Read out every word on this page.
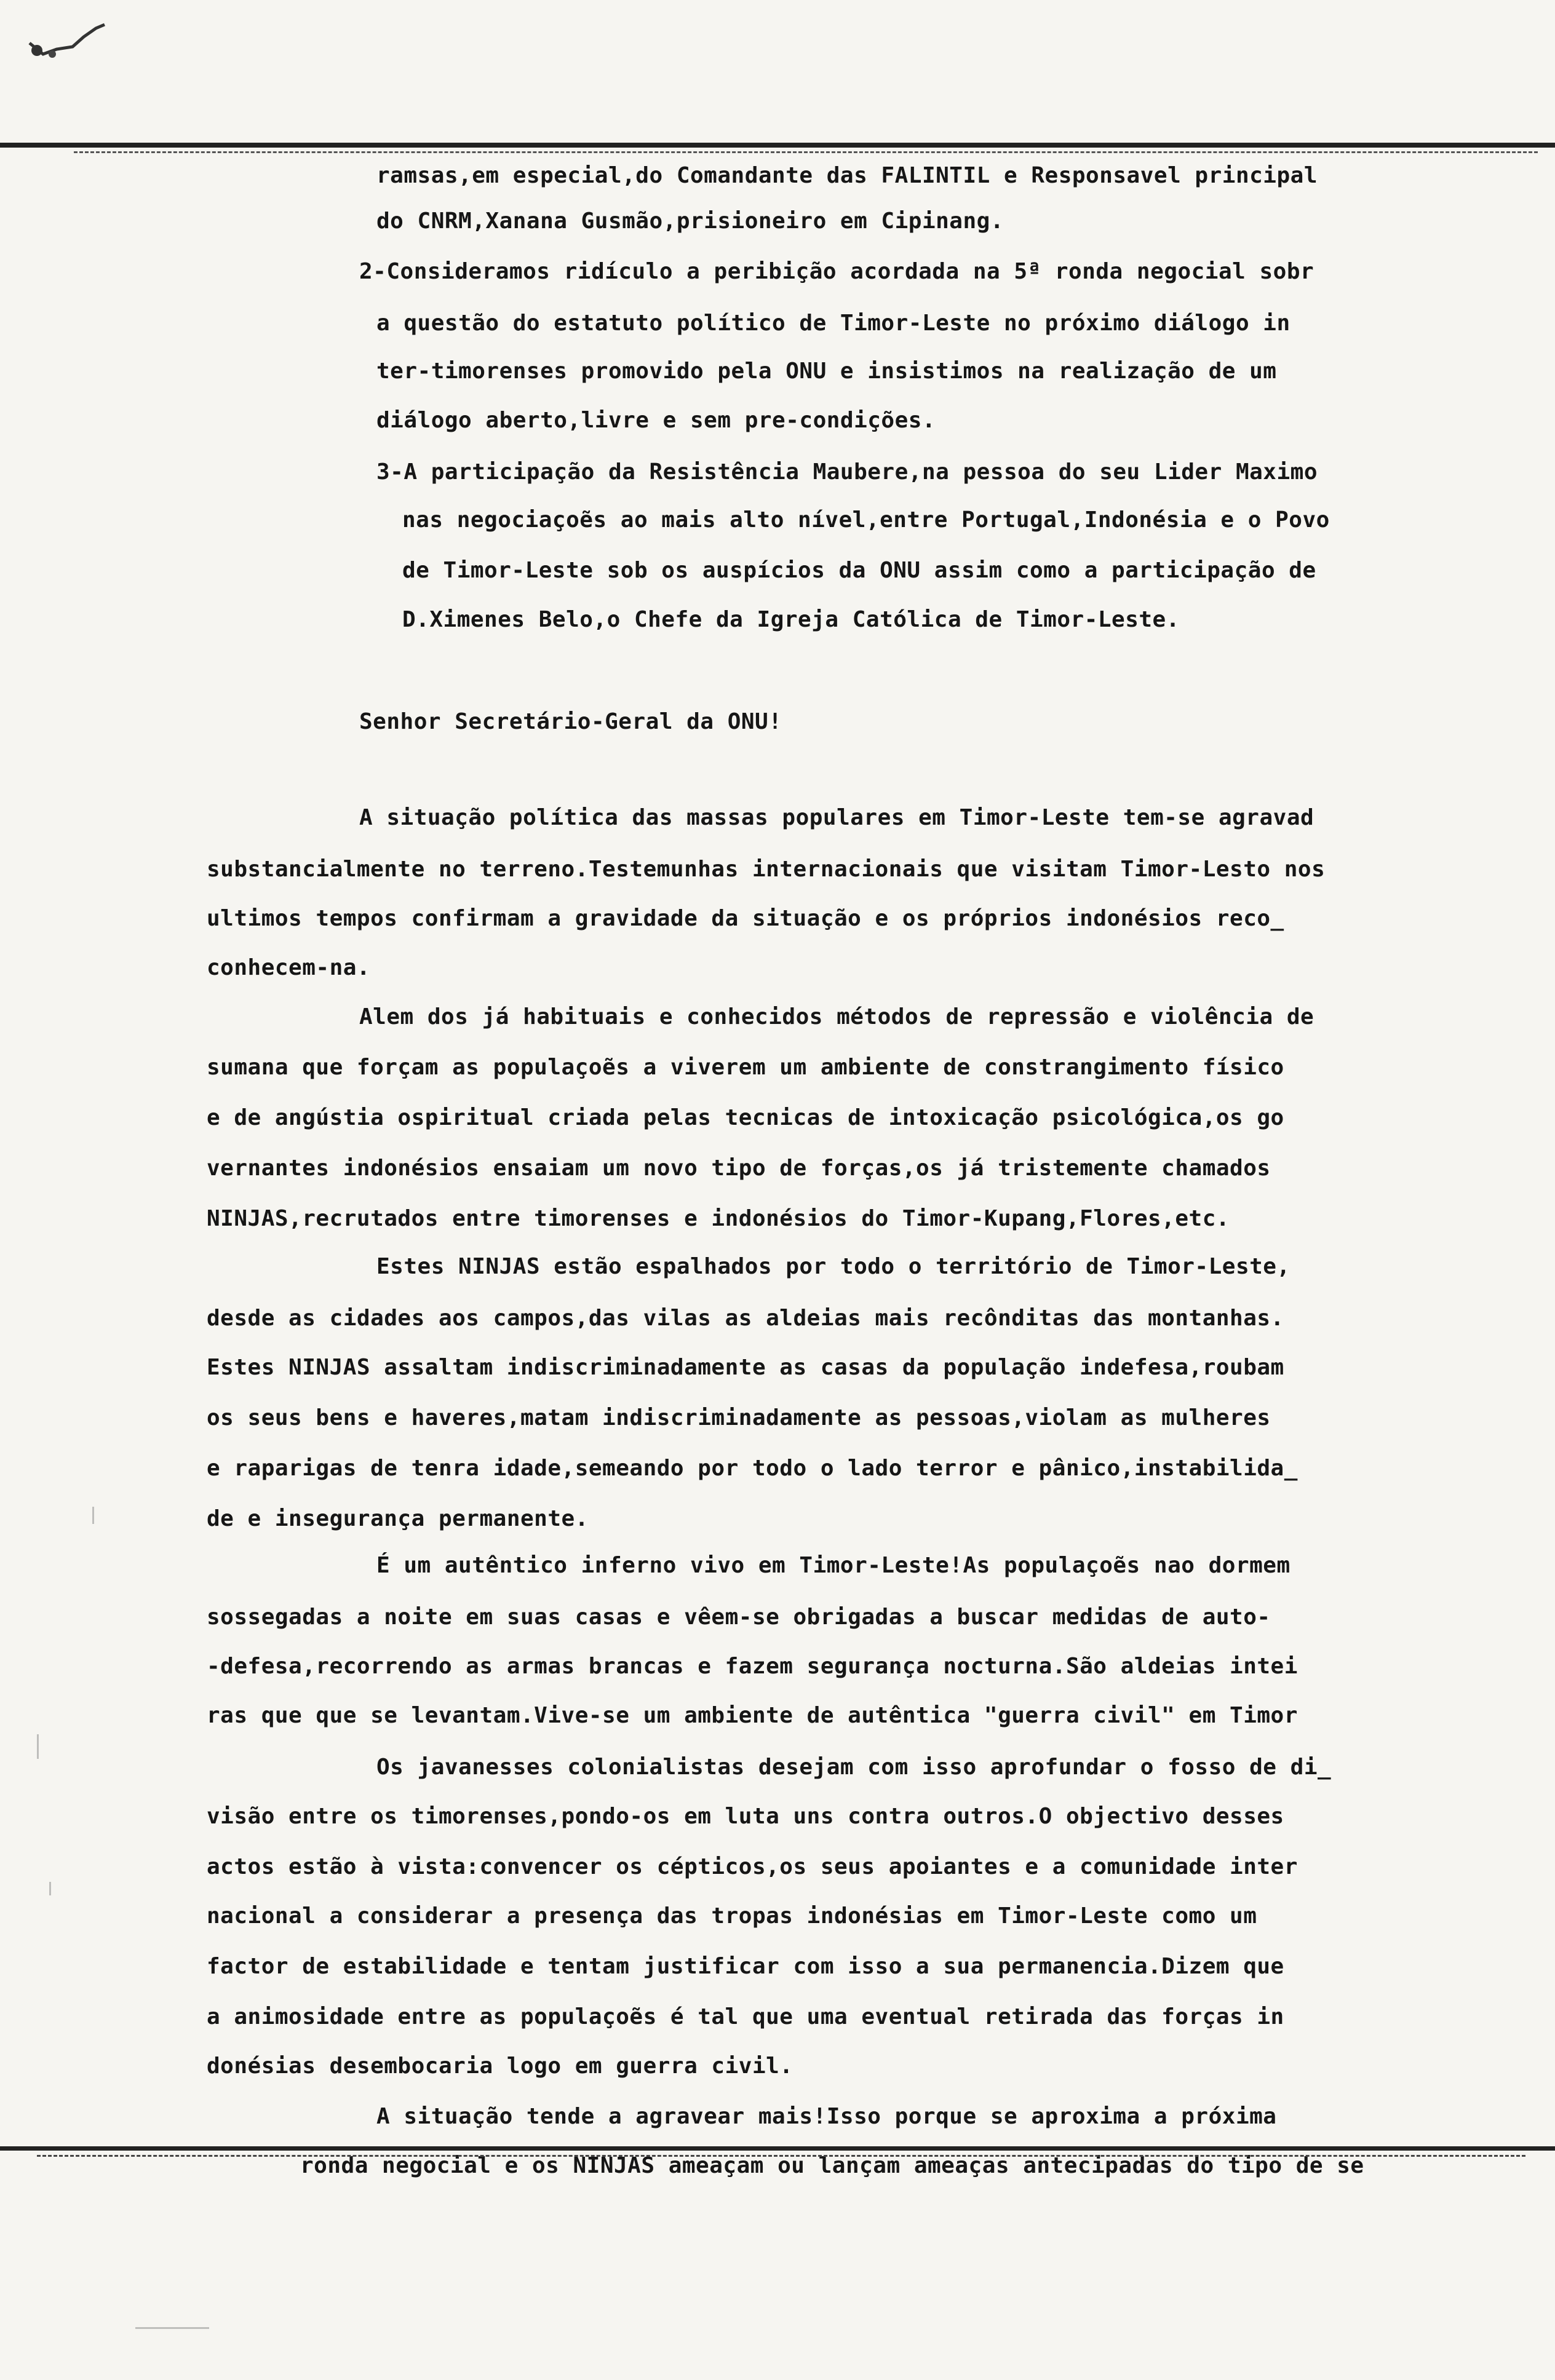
ramsas,em especial,do Comandante das FALINTIL e Responsavel principal
do CNRM,Xanana Gusmão,prisioneiro em Cipinang.
2-Consideramos ridículo a peribição acordada na 5ª ronda negocial sobr
a questão do estatuto político de Timor-Leste no próximo diálogo in
ter-timorenses promovido pela ONU e insistimos na realização de um
diálogo aberto,livre e sem pre-condições.
3-A participação da Resistência Maubere,na pessoa do seu Lider Maximo
nas negociaçoẽs ao mais alto nível,entre Portugal,Indonésia e o Povo
de Timor-Leste sob os auspícios da ONU assim como a participação de
D.Ximenes Belo,o Chefe da Igreja Católica de Timor-Leste.
Senhor Secretário-Geral da ONU!
A situação política das massas populares em Timor-Leste tem-se agravad
substancialmente no terreno.Testemunhas internacionais que visitam Timor-Lesto nos
ultimos tempos confirmam a gravidade da situação e os próprios indonésios reco_
conhecem-na.
Alem dos já habituais e conhecidos métodos de repressão e violência de
sumana que forçam as populaçoẽs a viverem um ambiente de constrangimento físico
e de angústia ospiritual criada pelas tecnicas de intoxicação psicológica,os go
vernantes indonésios ensaiam um novo tipo de forças,os já tristemente chamados
NINJAS,recrutados entre timorenses e indonésios do Timor-Kupang,Flores,etc.
Estes NINJAS estão espalhados por todo o território de Timor-Leste,
desde as cidades aos campos,das vilas as aldeias mais recônditas das montanhas.
Estes NINJAS assaltam indiscriminadamente as casas da população indefesa,roubam
os seus bens e haveres,matam indiscriminadamente as pessoas,violam as mulheres
e raparigas de tenra idade,semeando por todo o lado terror e pânico,instabilida_
de e insegurança permanente.
É um autêntico inferno vivo em Timor-Leste!As populaçoẽs nao dormem
sossegadas a noite em suas casas e vêem-se obrigadas a buscar medidas de auto-
-defesa,recorrendo as armas brancas e fazem segurança nocturna.São aldeias intei
ras que que se levantam.Vive-se um ambiente de autêntica "guerra civil" em Timor
Os javanesses colonialistas desejam com isso aprofundar o fosso de di_
visão entre os timorenses,pondo-os em luta uns contra outros.O objectivo desses
actos estão à vista:convencer os cépticos,os seus apoiantes e a comunidade inter
nacional a considerar a presença das tropas indonésias em Timor-Leste como um
factor de estabilidade e tentam justificar com isso a sua permanencia.Dizem que
a animosidade entre as populaçoẽs é tal que uma eventual retirada das forças in
donésias desembocaria logo em guerra civil.
A situação tende a agravear mais!Isso porque se aproxima a próxima
ronda negocial e os NINJAS ameaçam ou lançam ameaças antecipadas do tipo de se
